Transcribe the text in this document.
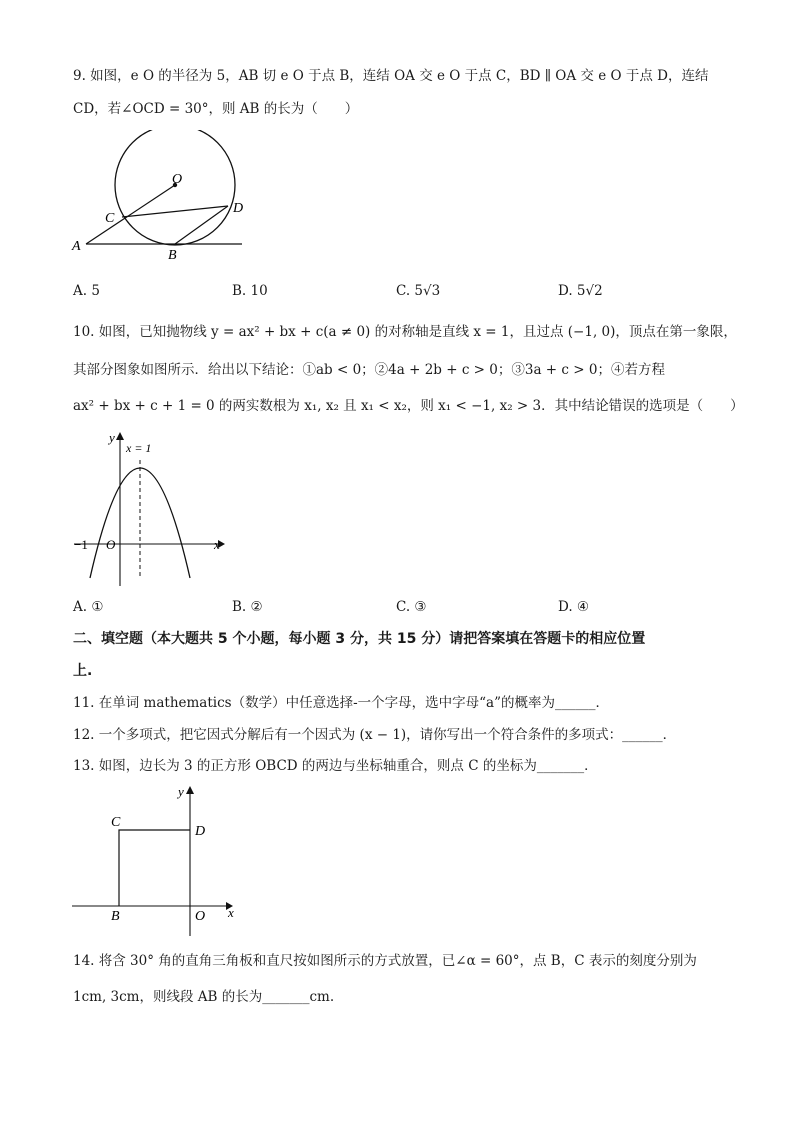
9. 如图，e O 的半径为 5，AB 切 e O 于点 B，连结 OA 交 e O 于点 C，BD ∥ OA 交 e O 于点 D，连结
CD，若∠OCD = 30°，则 AB 的长为（　　）
O
C
D
A
B
A. 5	B. 10	C. 5√3	D. 5√2
10. 如图，已知抛物线 y = ax² + bx + c(a ≠ 0) 的对称轴是直线 x = 1，且过点 (−1, 0)，顶点在第一象限，
其部分图象如图所示．给出以下结论：①ab < 0；②4a + 2b + c > 0；③3a + c > 0；④若方程
ax² + bx + c + 1 = 0 的两实数根为 x₁, x₂ 且 x₁ < x₂，则 x₁ < −1, x₂ > 3．其中结论错误的选项是（　　）
y
x = 1
−1 O	x
A. ①	B. ②	C. ③	D. ④
二、填空题（本大题共 5 个小题，每小题 3 分，共 15 分）请把答案填在答题卡的相应位置
上.
11. 在单词 mathematics（数学）中任意选择-一个字母，选中字母“a”的概率为______．
12. 一个多项式，把它因式分解后有一个因式为 (x − 1)，请你写出一个符合条件的多项式：______．
13. 如图，边长为 3 的正方形 OBCD 的两边与坐标轴重合，则点 C 的坐标为_______．
y
C
D
B	O x
14. 将含 30° 角的直角三角板和直尺按如图所示的方式放置，已∠α = 60°，点 B，C 表示的刻度分别为
1cm, 3cm，则线段 AB 的长为_______cm.
